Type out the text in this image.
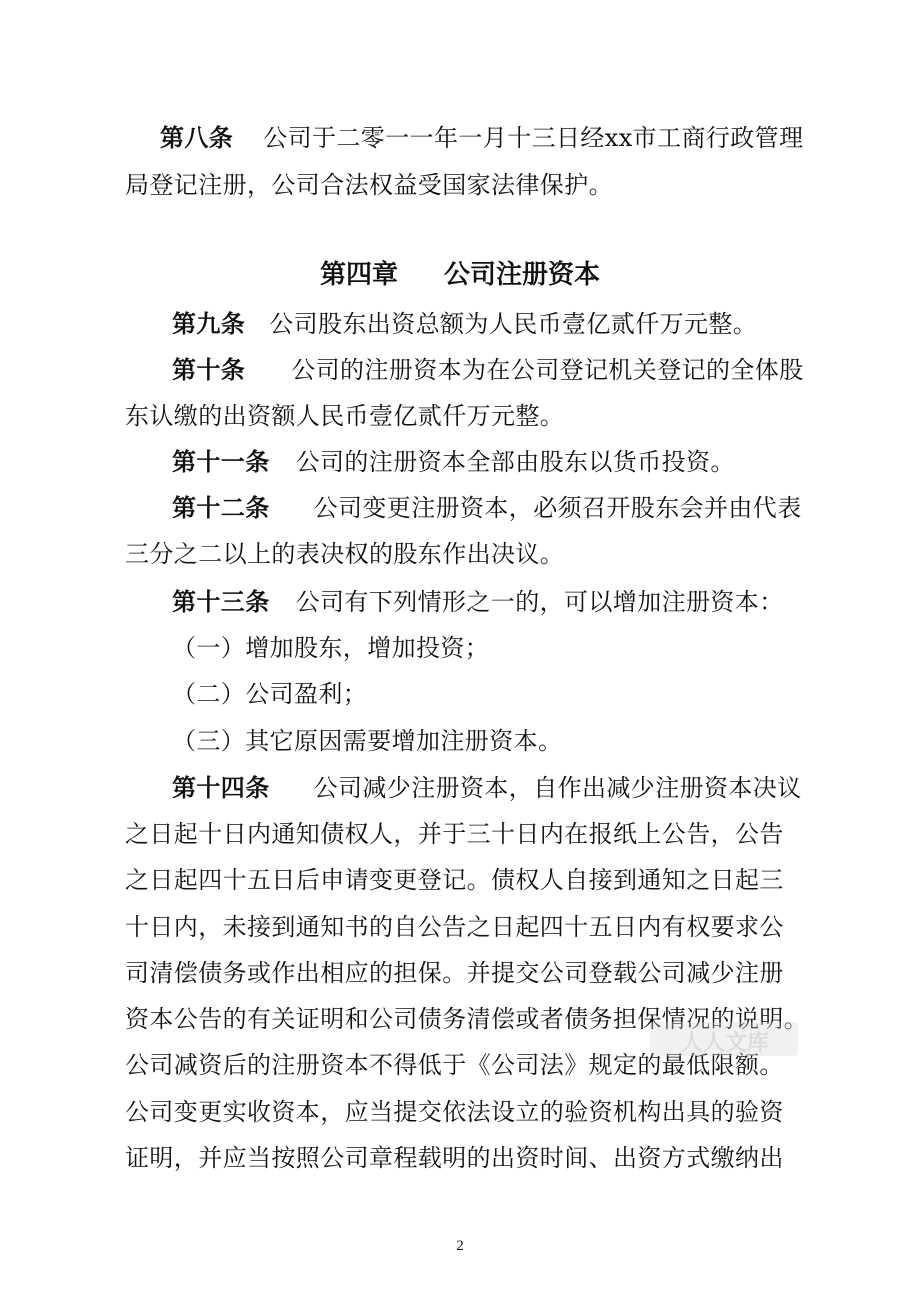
第八条 公司于二零一一年一月十三日经xx市工商行政管理
局登记注册，公司合法权益受国家法律保护。
第四章 公司注册资本
第九条 公司股东出资总额为人民币壹亿贰仟万元整。
第十条 公司的注册资本为在公司登记机关登记的全体股
东认缴的出资额人民币壹亿贰仟万元整。
第十一条 公司的注册资本全部由股东以货币投资。
第十二条 公司变更注册资本，必须召开股东会并由代表
三分之二以上的表决权的股东作出决议。
第十三条 公司有下列情形之一的，可以增加注册资本：
（一）增加股东，增加投资；
（二）公司盈利；
（三）其它原因需要增加注册资本。
第十四条 公司减少注册资本，自作出减少注册资本决议
之日起十日内通知债权人，并于三十日内在报纸上公告，公告
之日起四十五日后申请变更登记。债权人自接到通知之日起三
十日内，未接到通知书的自公告之日起四十五日内有权要求公
司清偿债务或作出相应的担保。并提交公司登载公司减少注册
资本公告的有关证明和公司债务清偿或者债务担保情况的说明。
公司减资后的注册资本不得低于《公司法》规定的最低限额。
公司变更实收资本，应当提交依法设立的验资机构出具的验资
证明，并应当按照公司章程载明的出资时间、出资方式缴纳出
人人文库
2
